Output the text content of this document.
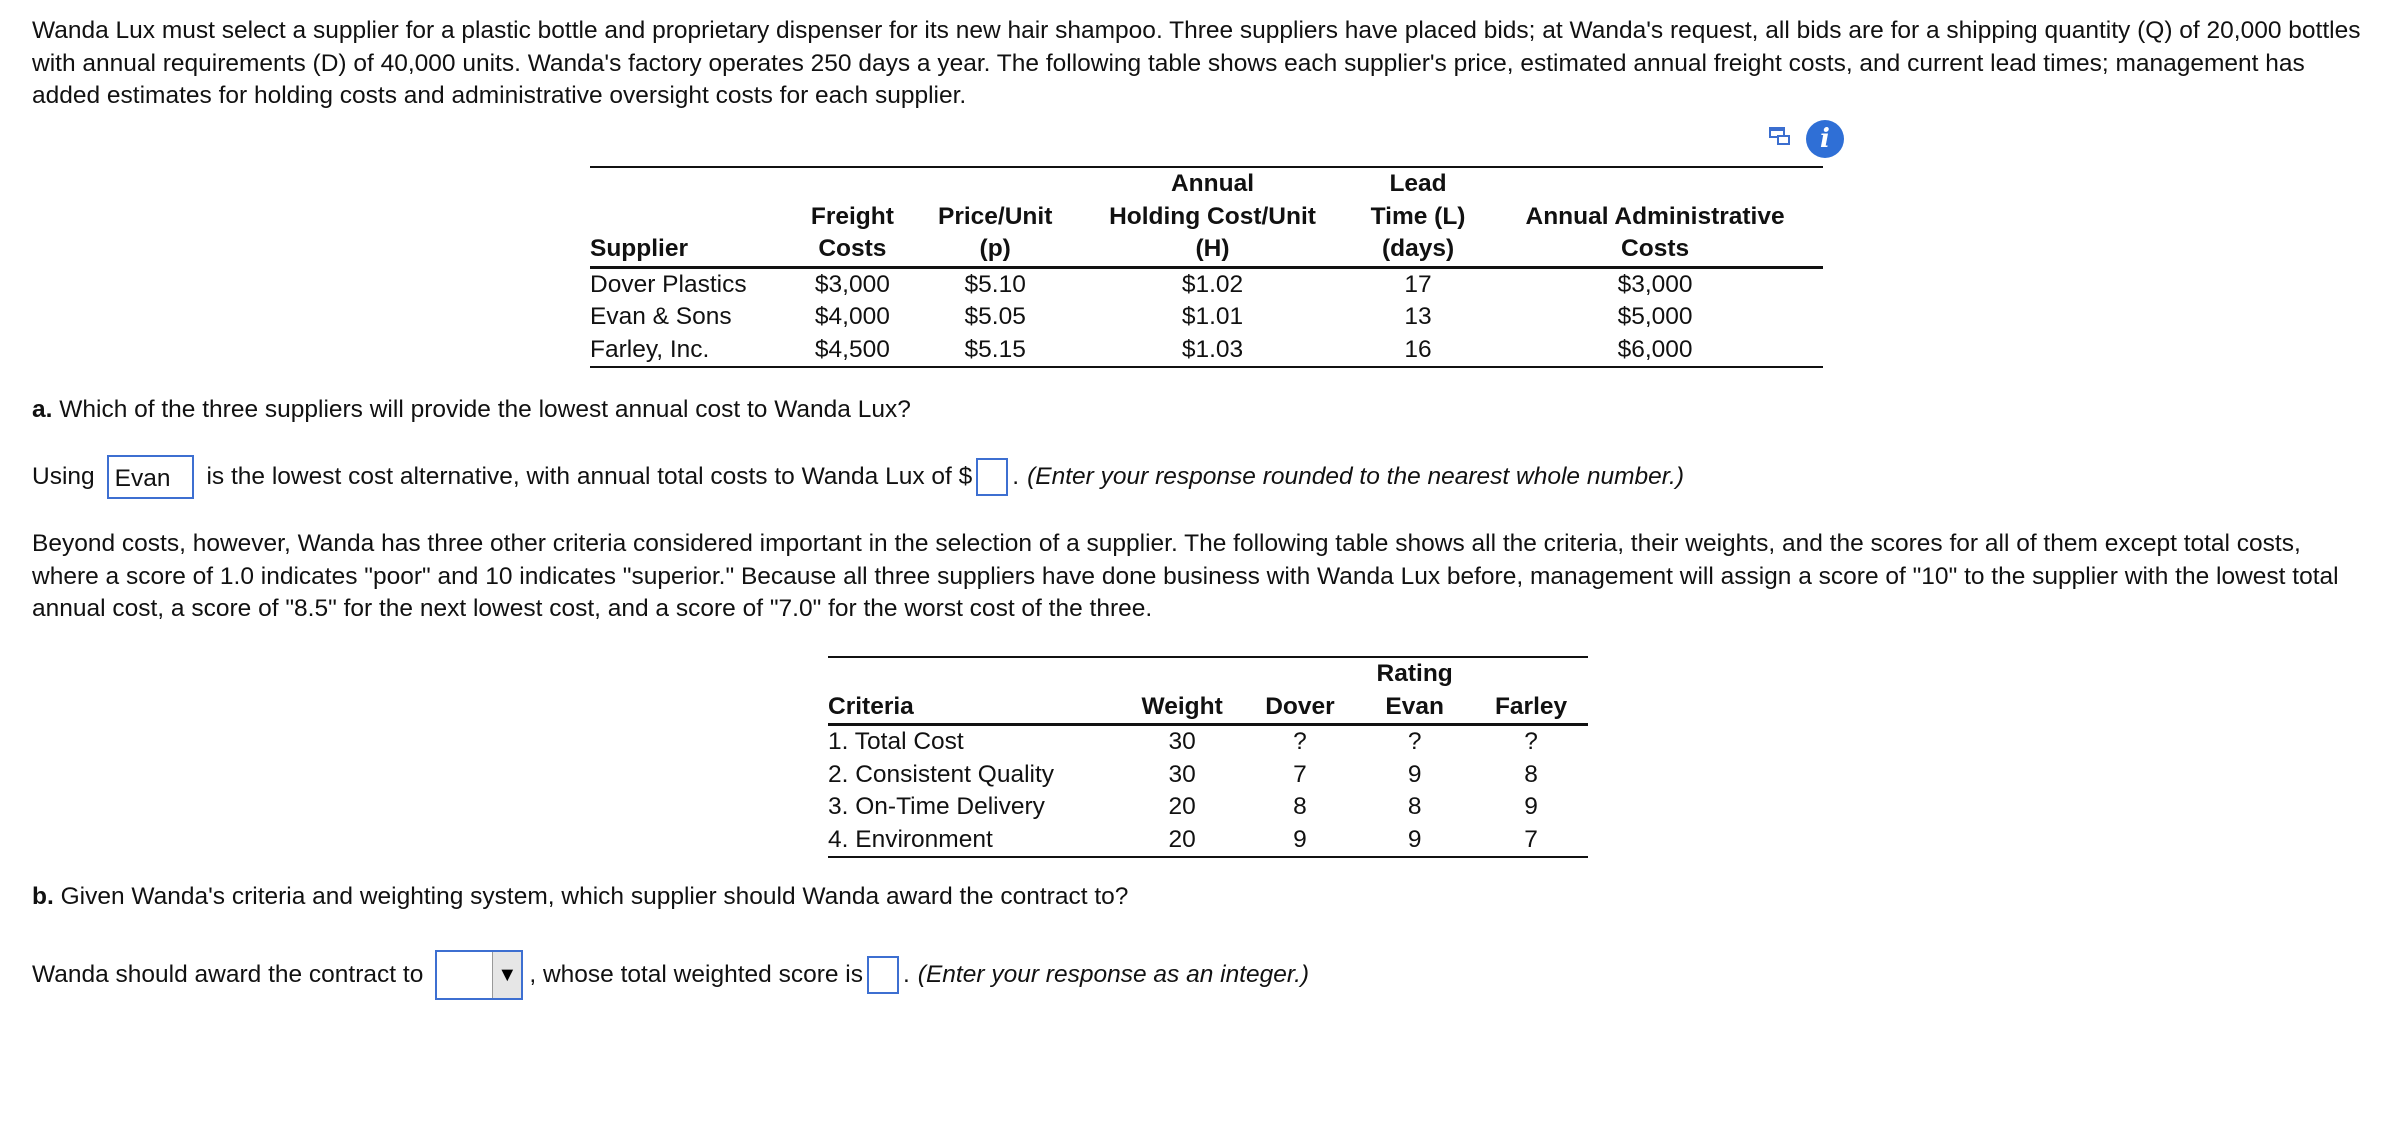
Wanda Lux must select a supplier for a plastic bottle and proprietary dispenser for its new hair shampoo. Three suppliers have placed bids; at Wanda's request, all bids are for a shipping quantity (Q) of 20,000 bottles with annual requirements (D) of 40,000 units. Wanda's factory operates 250 days a year. The following table shows each supplier's price, estimated annual freight costs, and current lead times; management has added estimates for holding costs and administrative oversight costs for each supplier.

i
			Annual	Lead	
	Freight	Price/Unit	Holding Cost/Unit	Time (L)	Annual Administrative
Supplier	Costs	(p)	(H)	(days)	Costs
Dover Plastics	$3,000	$5.10	$1.02	17	$3,000
Evan & Sons	$4,000	$5.05	$1.01	13	$5,000
Farley, Inc.	$4,500	$5.15	$1.03	16	$6,000
a. Which of the three suppliers will provide the lowest annual cost to Wanda Lux?
Using Evan	is the lowest cost alternative, with annual total costs to Wanda Lux of $ . (Enter your response rounded to the nearest whole number.)

Beyond costs, however, Wanda has three other criteria considered important in the selection of a supplier. The following table shows all the criteria, their weights, and the scores for all of them except total costs, where a score of 1.0 indicates "poor" and 10 indicates "superior." Because all three suppliers have done business with Wanda Lux before, management will assign a score of "10" to the supplier with the lowest total annual cost, a score of "8.5" for the next lowest cost, and a score of "7.0" for the worst cost of the three.

			Rating	
Criteria	Weight	Dover	Evan	Farley
1. Total Cost	30	?	?	?
2. Consistent Quality	30	7	9	8
3. On-Time Delivery	20	8	8	9
4. Environment	20	9	9	7
b. Given Wanda's criteria and weighting system, which supplier should Wanda award the contract to?
Wanda should award the contract to	▼ , whose total weighted score is . (Enter your response as an integer.)
